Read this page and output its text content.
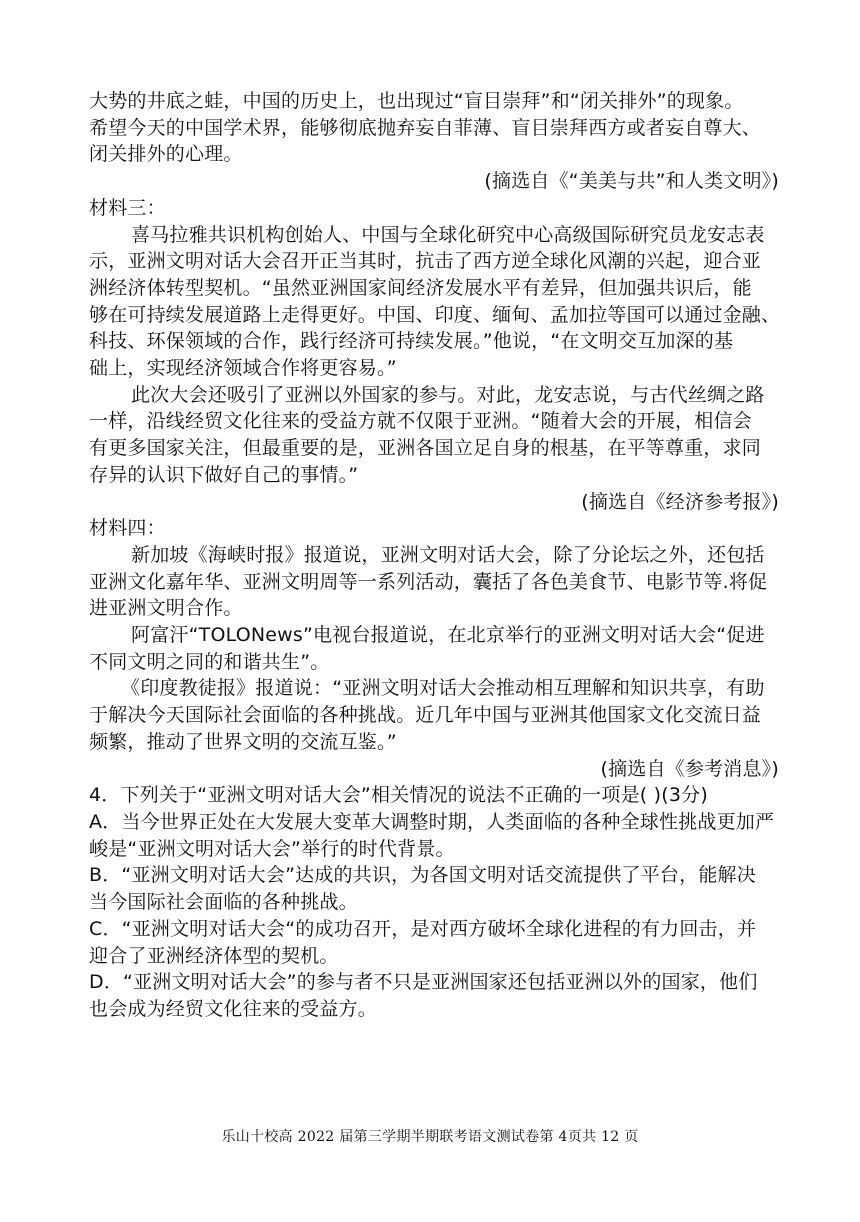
大势的井底之蛙，中国的历史上，也出现过“盲目崇拜”和“闭关排外”的现象。
希望今天的中国学术界，能够彻底抛弃妄自菲薄、盲目崇拜西方或者妄自尊大、
闭关排外的心理。
(摘选自《“美美与共”和人类文明》)
材料三：
喜马拉雅共识机构创始人、中国与全球化研究中心高级国际研究员龙安志表
示，亚洲文明对话大会召开正当其时，抗击了西方逆全球化风潮的兴起，迎合亚
洲经济体转型契机。“虽然亚洲国家间经济发展水平有差异，但加强共识后，能
够在可持续发展道路上走得更好。中国、印度、缅甸、孟加拉等国可以通过金融、
科技、环保领域的合作，践行经济可持续发展。”他说，“在文明交互加深的基
础上，实现经济领域合作将更容易。”
此次大会还吸引了亚洲以外国家的参与。对此，龙安志说，与古代丝绸之路
一样，沿线经贸文化往来的受益方就不仅限于亚洲。“随着大会的开展，相信会
有更多国家关注，但最重要的是，亚洲各国立足自身的根基，在平等尊重，求同
存异的认识下做好自己的事情。”
(摘选自《经济参考报》)
材料四：
新加坡《海峡时报》报道说，亚洲文明对话大会，除了分论坛之外，还包括
亚洲文化嘉年华、亚洲文明周等一系列活动，囊括了各色美食节、电影节等.将促
进亚洲文明合作。
阿富汗“TOLONews”电视台报道说，在北京举行的亚洲文明对话大会“促进
不同文明之同的和谐共生”。
《印度教徒报》报道说：“亚洲文明对话大会推动相互理解和知识共享，有助
于解决今天国际社会面临的各种挑战。近几年中国与亚洲其他国家文化交流日益
频繁，推动了世界文明的交流互鉴。”
(摘选自《参考消息》)
4．下列关于“亚洲文明对话大会”相关情况的说法不正确的一项是( )(3分)
A．当今世界正处在大发展大变革大调整时期，人类面临的各种全球性挑战更加严
峻是“亚洲文明对话大会”举行的时代背景。
B．“亚洲文明对话大会”达成的共识，为各国文明对话交流提供了平台，能解决
当今国际社会面临的各种挑战。
C．“亚洲文明对话大会“的成功召开，是对西方破坏全球化进程的有力回击，并
迎合了亚洲经济体型的契机。
D．“亚洲文明对话大会”的参与者不只是亚洲国家还包括亚洲以外的国家，他们
也会成为经贸文化往来的受益方。
乐山十校高 2022 届第三学期半期联考语文测试卷第 4页共 12 页
